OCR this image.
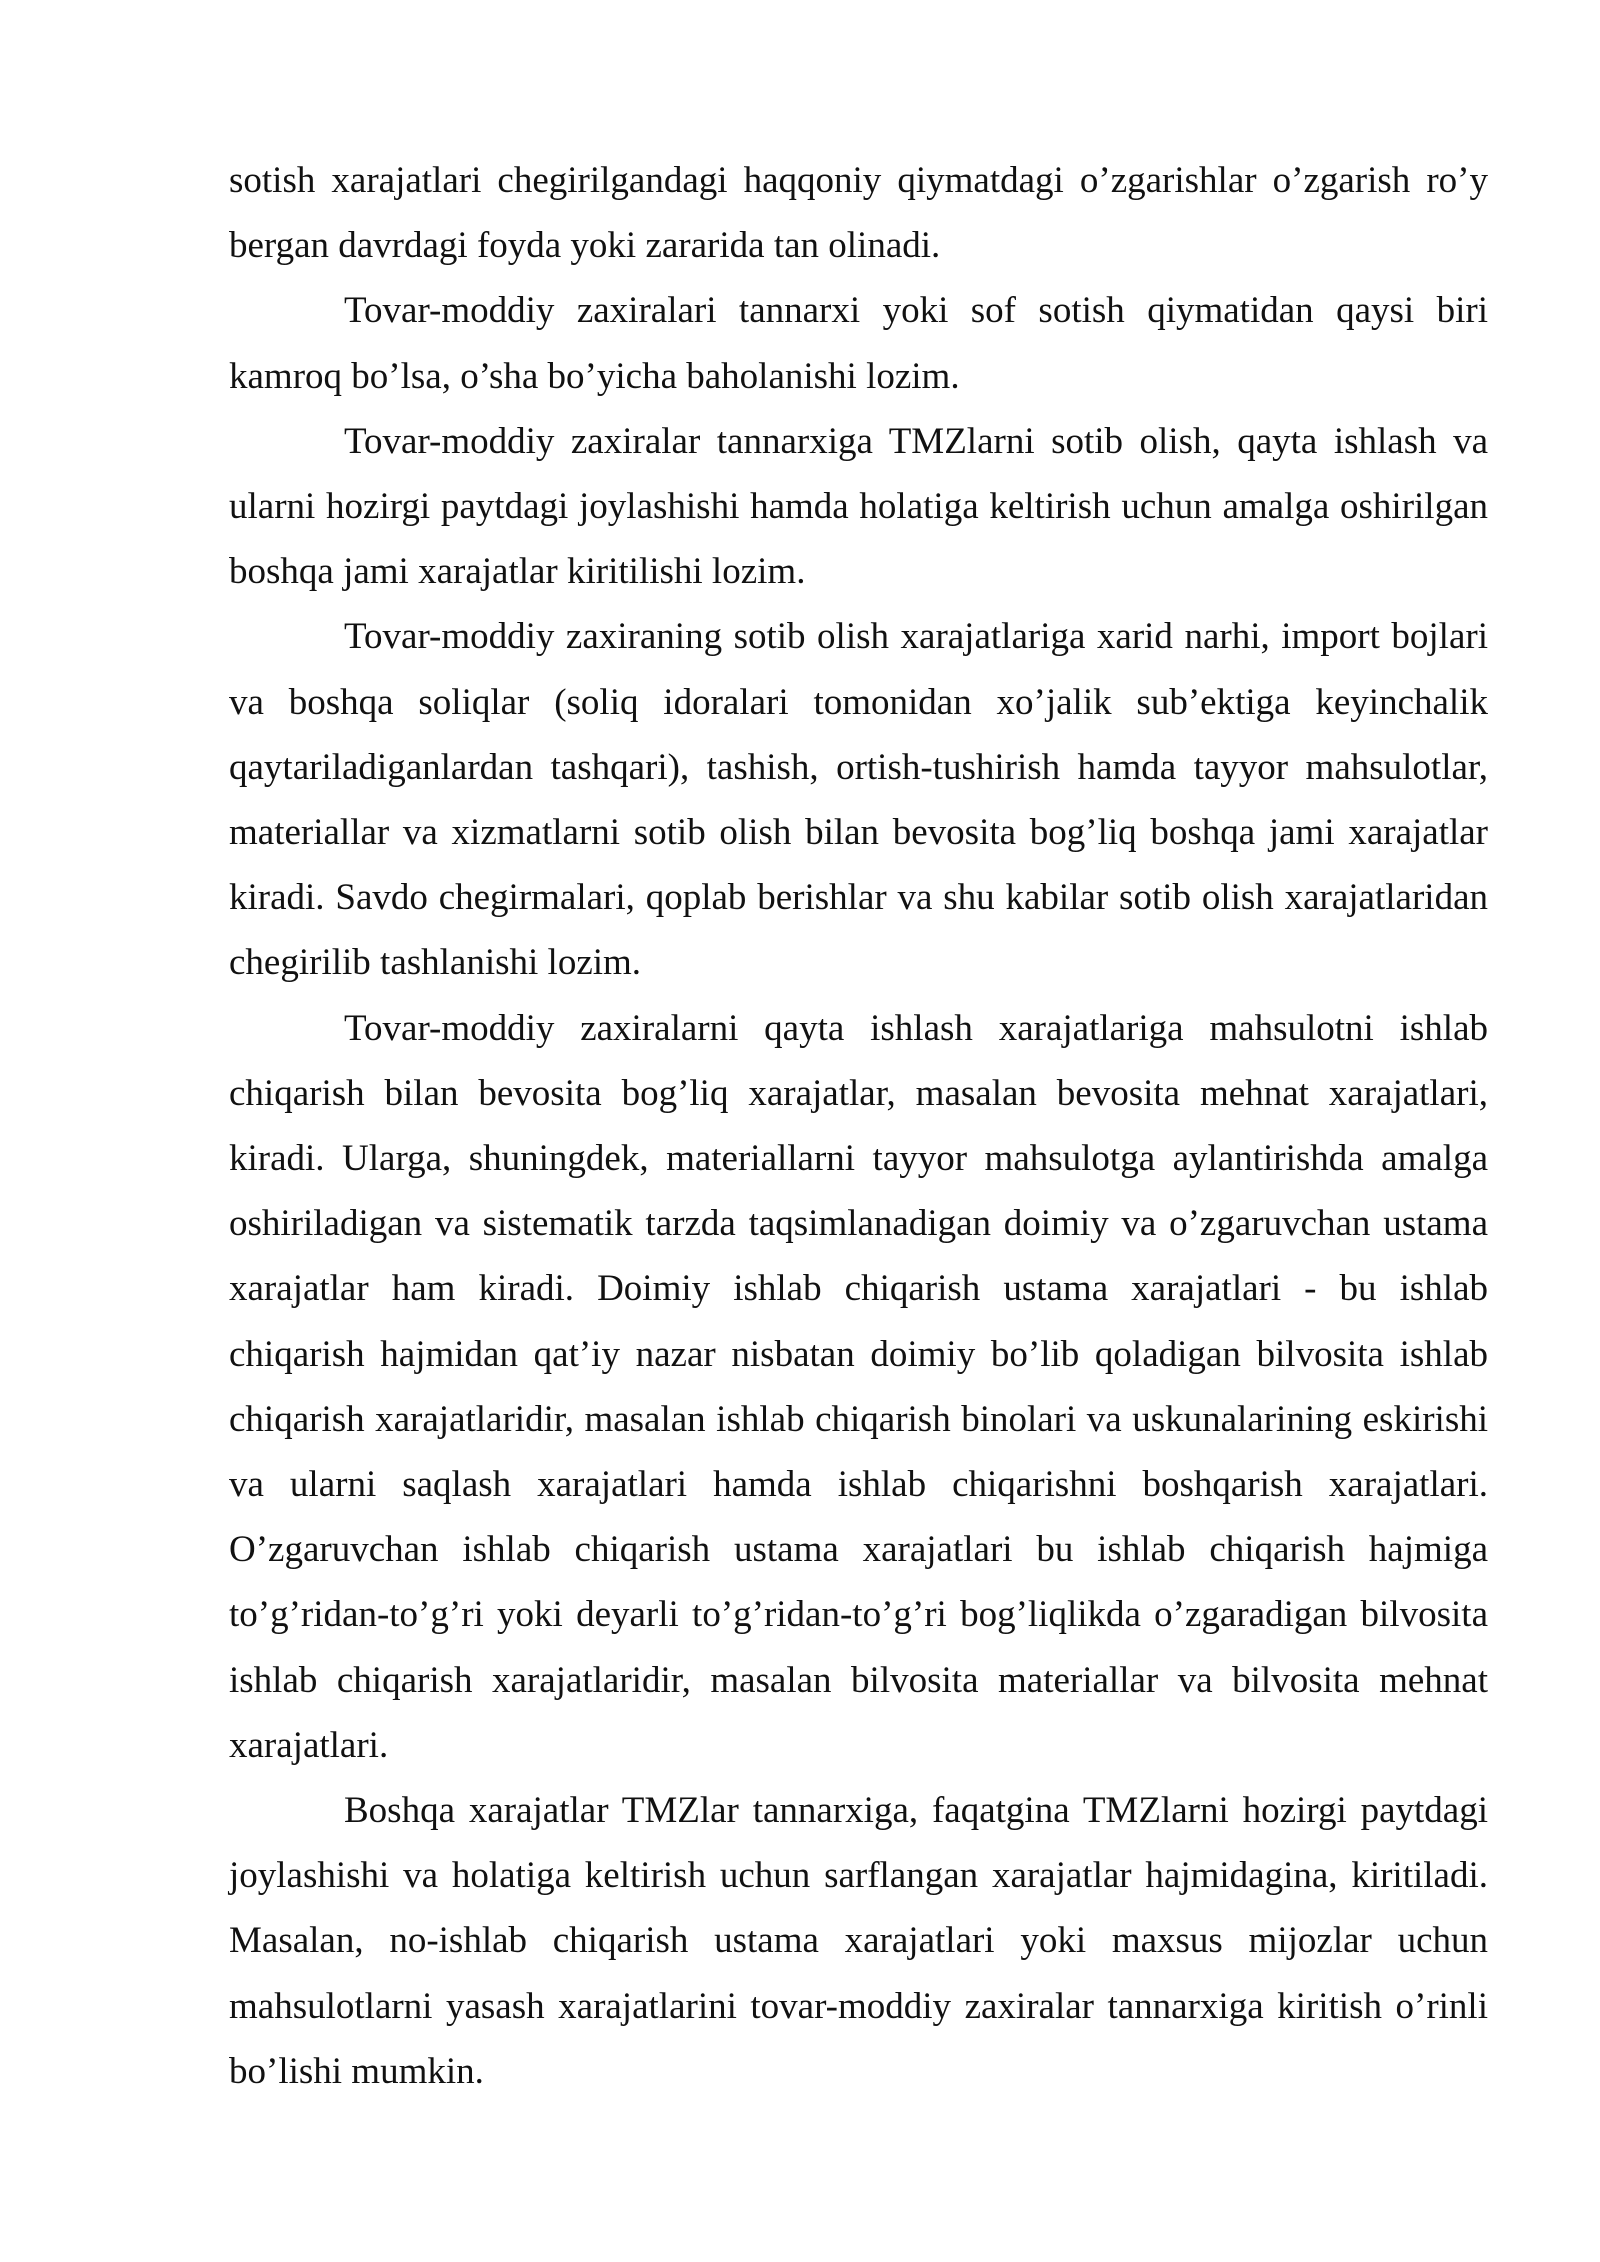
sotish xarajatlari chegirilgandagi haqqoniy qiymatdagi o’zgarishlar o’zgarish ro’y bergan davrdagi foyda yoki zararida tan olinadi.

Tovar-moddiy zaxiralari tannarxi yoki sof sotish qiymatidan qaysi biri kamroq bo’lsa, o’sha bo’yicha baholanishi lozim.

Tovar-moddiy zaxiralar tannarxiga TMZlarni sotib olish, qayta ishlash va ularni hozirgi paytdagi joylashishi hamda holatiga keltirish uchun amalga oshirilgan boshqa jami xarajatlar kiritilishi lozim.

Tovar-moddiy zaxiraning sotib olish xarajatlariga xarid narhi, import bojlari va boshqa soliqlar (soliq idoralari tomonidan xo’jalik sub’ektiga keyinchalik qaytariladiganlardan tashqari), tashish, ortish-tushirish hamda tayyor mahsulotlar, materiallar va xizmatlarni sotib olish bilan bevosita bog’liq boshqa jami xarajatlar kiradi. Savdo chegirmalari, qoplab berishlar va shu kabilar sotib olish xarajatlaridan chegirilib tashlanishi lozim.

Tovar-moddiy zaxiralarni qayta ishlash xarajatlariga mahsulotni ishlab chiqarish bilan bevosita bog’liq xarajatlar, masalan bevosita mehnat xarajatlari, kiradi. Ularga, shuningdek, materiallarni tayyor mahsulotga aylantirishda amalga oshiriladigan va sistematik tarzda taqsimlanadigan doimiy va o’zgaruvchan ustama xarajatlar ham kiradi. Doimiy ishlab chiqarish ustama xarajatlari - bu ishlab chiqarish hajmidan qat’iy nazar nisbatan doimiy bo’lib qoladigan bilvosita ishlab chiqarish xarajatlaridir, masalan ishlab chiqarish binolari va uskunalarining eskirishi va ularni saqlash xarajatlari hamda ishlab chiqarishni boshqarish xarajatlari. O’zgaruvchan ishlab chiqarish ustama xarajatlari bu ishlab chiqarish hajmiga to’g’ridan-to’g’ri yoki deyarli to’g’ridan-to’g’ri bog’liqlikda o’zgaradigan bilvosita ishlab chiqarish xarajatlaridir, masalan bilvosita materiallar va bilvosita mehnat xarajatlari.

Boshqa xarajatlar TMZlar tannarxiga, faqatgina TMZlarni hozirgi paytdagi joylashishi va holatiga keltirish uchun sarflangan xarajatlar hajmidagina, kiritiladi. Masalan, no-ishlab chiqarish ustama xarajatlari yoki maxsus mijozlar uchun mahsulotlarni yasash xarajatlarini tovar-moddiy zaxiralar tannarxiga kiritish o’rinli bo’lishi mumkin.
